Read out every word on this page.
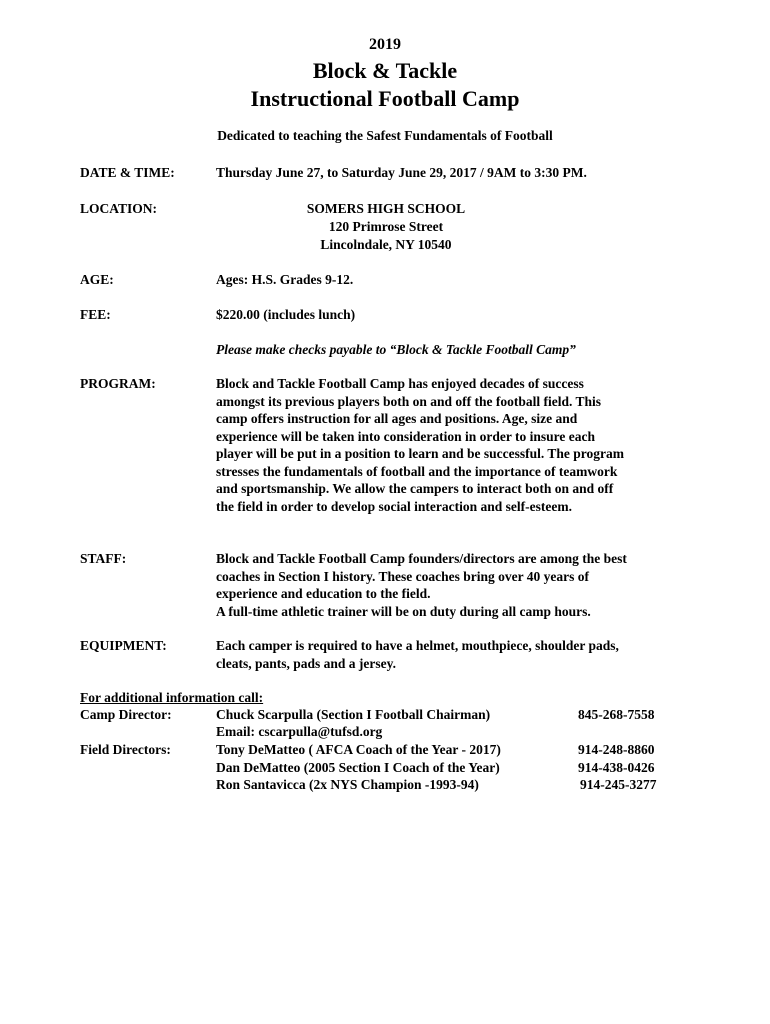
2019
Block & Tackle
Instructional Football Camp
Dedicated to teaching the Safest Fundamentals of Football
DATE & TIME:	Thursday June 27, to Saturday June 29, 2017 / 9AM to 3:30 PM.
LOCATION:	SOMERS HIGH SCHOOL
120 Primrose Street
Lincolndale, NY 10540
AGE:	Ages: H.S. Grades 9-12.
FEE:	$220.00 (includes lunch)
Please make checks payable to “Block & Tackle Football Camp”
PROGRAM:	Block and Tackle Football Camp has enjoyed decades of success
amongst its previous players both on and off the football field. This
camp offers instruction for all ages and positions. Age, size and
experience will be taken into consideration in order to insure each
player will be put in a position to learn and be successful. The program
stresses the fundamentals of football and the importance of teamwork
and sportsmanship. We allow the campers to interact both on and off
the field in order to develop social interaction and self-esteem.
STAFF:	Block and Tackle Football Camp founders/directors are among the best
coaches in Section I history. These coaches bring over 40 years of
experience and education to the field.
A full-time athletic trainer will be on duty during all camp hours.
EQUIPMENT:	Each camper is required to have a helmet, mouthpiece, shoulder pads,
cleats, pants, pads and a jersey.
For additional information call:
Camp Director:	Chuck Scarpulla (Section I Football Chairman)	845-268-7558
Email: cscarpulla@tufsd.org
Field Directors:	Tony DeMatteo ( AFCA Coach of the Year - 2017)	914-248-8860
Dan DeMatteo (2005 Section I Coach of the Year)	914-438-0426
Ron Santavicca (2x NYS Champion -1993-94)	914-245-3277
